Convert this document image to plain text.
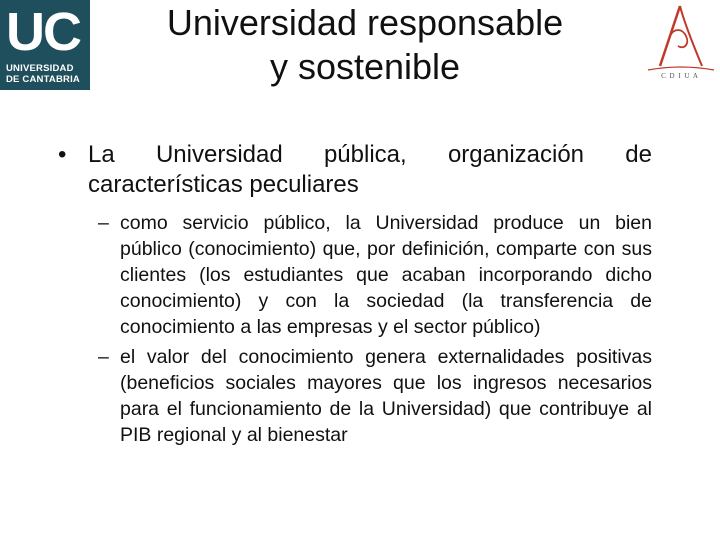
UC
UNIVERSIDAD
DE CANTABRIA
Universidad responsable
y sostenible	C D I U A
• La Universidad pública, organización de características peculiares
– como servicio público, la Universidad produce un bien público (conocimiento) que, por definición, comparte con sus clientes (los estudiantes que acaban incorporando dicho conocimiento) y con la sociedad (la transferencia de conocimiento a las empresas y el sector público)
– el valor del conocimiento genera externalidades positivas (beneficios sociales mayores que los ingresos necesarios para el funcionamiento de la Universidad) que contribuye al PIB regional y al bienestar
